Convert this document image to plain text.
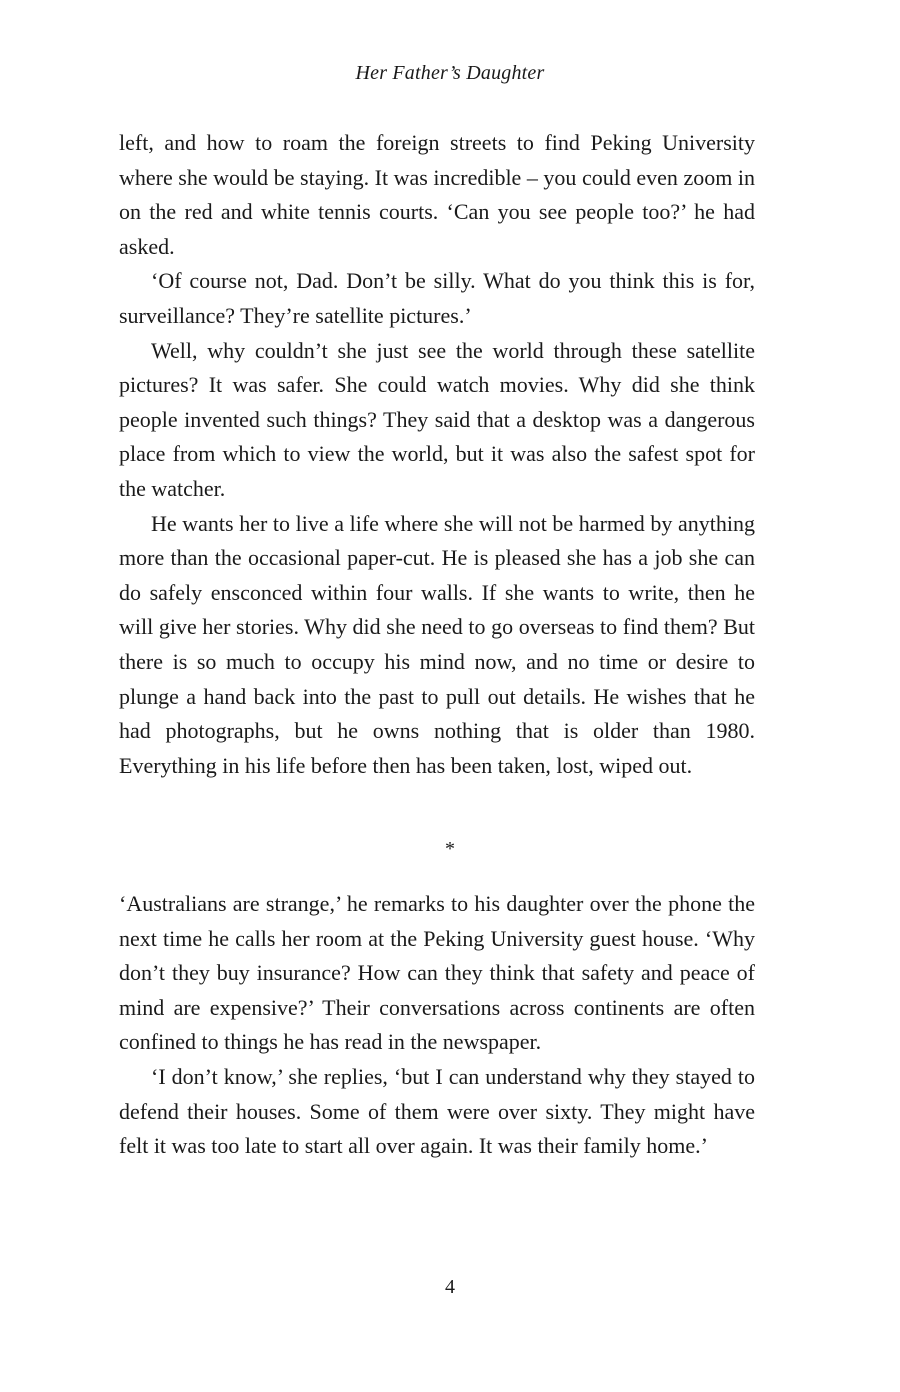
Her Father’s Daughter

left, and how to roam the foreign streets to find Peking University where she would be staying. It was incredible – you could even zoom in on the red and white tennis courts. ‘Can you see people too?’ he had asked.

‘Of course not, Dad. Don’t be silly. What do you think this is for, surveillance? They’re satellite pictures.’

Well, why couldn’t she just see the world through these satellite pictures? It was safer. She could watch movies. Why did she think people invented such things? They said that a desktop was a dangerous place from which to view the world, but it was also the safest spot for the watcher.

He wants her to live a life where she will not be harmed by anything more than the occasional paper-cut. He is pleased she has a job she can do safely ensconced within four walls. If she wants to write, then he will give her stories. Why did she need to go overseas to find them? But there is so much to occupy his mind now, and no time or desire to plunge a hand back into the past to pull out details. He wishes that he had photographs, but he owns nothing that is older than 1980. Everything in his life before then has been taken, lost, wiped out.

*

‘Australians are strange,’ he remarks to his daughter over the phone the next time he calls her room at the Peking University guest house. ‘Why don’t they buy insurance? How can they think that safety and peace of mind are expensive?’ Their conversations across continents are often confined to things he has read in the newspaper.

‘I don’t know,’ she replies, ‘but I can understand why they stayed to defend their houses. Some of them were over sixty. They might have felt it was too late to start all over again. It was their family home.’

4
